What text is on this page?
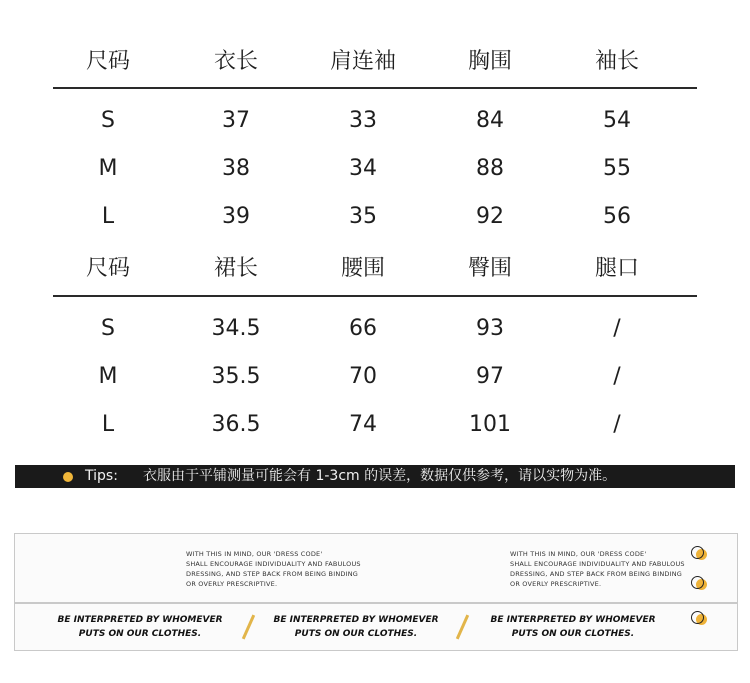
尺码	衣长	肩连袖	胸围	袖长
S	37	33	84	54
M	38	34	88	55
L	39	35	92	56
尺码	裙长	腰围	臀围	腿口
S	34.5	66	93	/
M	35.5	70	97	/
L	36.5	74	101	/
Tips: 衣服由于平铺测量可能会有 1-3cm 的误差，数据仅供参考，请以实物为准。
WITH THIS IN MIND, OUR 'DRESS CODE'
SHALL ENCOURAGE INDIVIDUALITY AND FABULOUS
DRESSING, AND STEP BACK FROM BEING BINDING
OR OVERLY PRESCRIPTIVE.
WITH THIS IN MIND, OUR 'DRESS CODE'
SHALL ENCOURAGE INDIVIDUALITY AND FABULOUS
DRESSING, AND STEP BACK FROM BEING BINDING
OR OVERLY PRESCRIPTIVE.
BE INTERPRETED BY WHOMEVER
PUTS ON OUR CLOTHES.
BE INTERPRETED BY WHOMEVER
PUTS ON OUR CLOTHES.
BE INTERPRETED BY WHOMEVER
PUTS ON OUR CLOTHES.
